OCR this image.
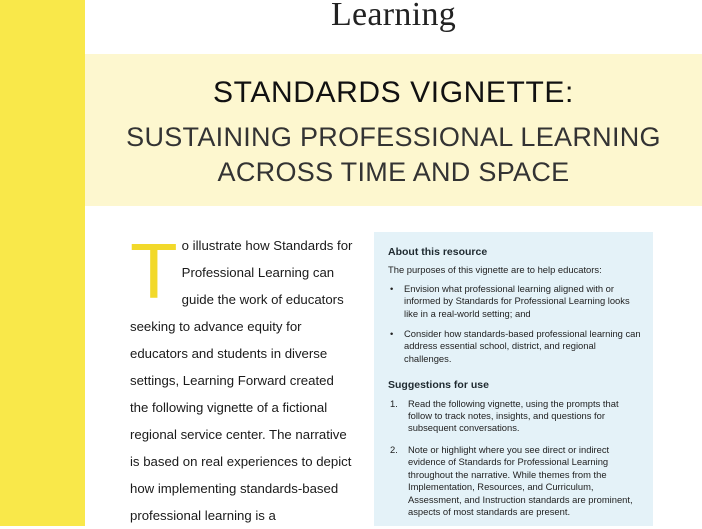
Learning
STANDARDS VIGNETTE:
SUSTAINING PROFESSIONAL LEARNING
ACROSS TIME AND SPACE
T o illustrate how Standards for Professional Learning can guide the work of educators seeking to advance equity for educators and students in diverse settings, Learning Forward created the following vignette of a fictional regional service center. The narrative is based on real experiences to depict how implementing standards-based professional learning is a

About this resource

The purposes of this vignette are to help educators:

• Envision what professional learning aligned with or informed by Standards for Professional Learning looks like in a real-world setting; and
• Consider how standards-based professional learning can address essential school, district, and regional challenges.
Suggestions for use
1. Read the following vignette, using the prompts that follow to track notes, insights, and questions for subsequent conversations.
2. Note or highlight where you see direct or indirect evidence of Standards for Professional Learning throughout the narrative. While themes from the Implementation, Resources, and Curriculum, Assessment, and Instruction standards are prominent, aspects of most standards are present.
